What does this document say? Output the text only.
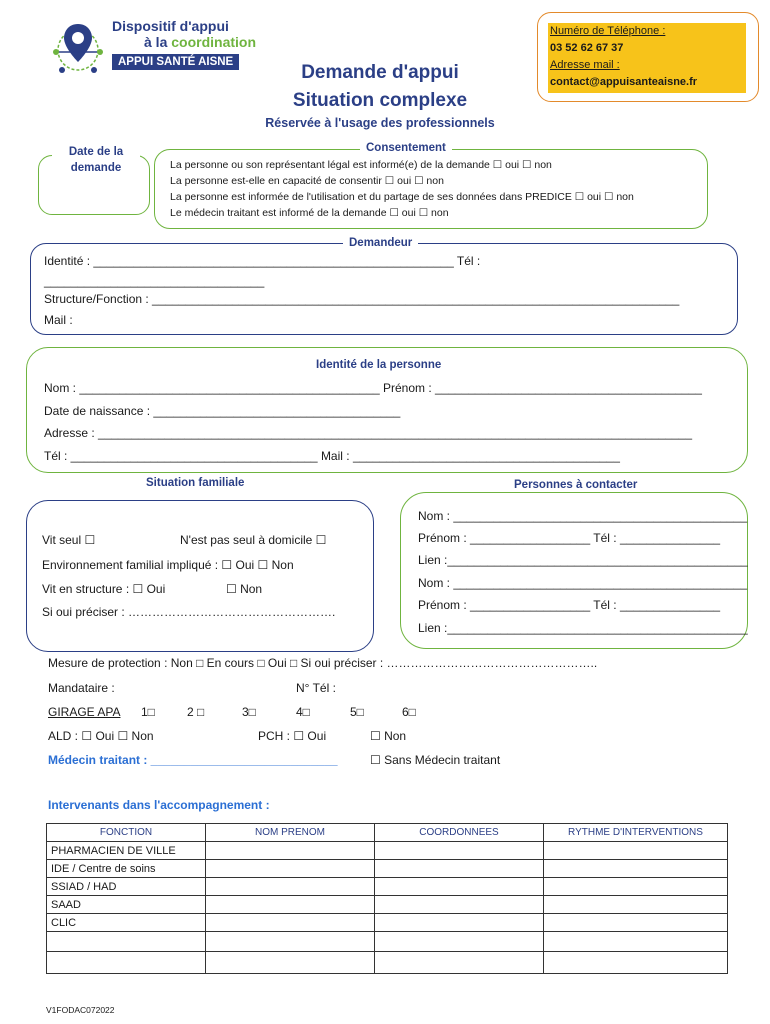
Dispositif d'appui
à la coordination
APPUI SANTÉ AISNE	Demande d'appui
Situation complexe
Réservée à l'usage des professionnels
Numéro de Téléphone :
03 52 62 67 37
Adresse mail :
contact@appuisanteaisne.fr
Date de la
demande
Consentement
La personne ou son représentant légal est informé(e) de la demande ☐ oui ☐ non
La personne est-elle en capacité de consentir ☐ oui ☐ non
La personne est informée de l'utilisation et du partage de ses données dans PREDICE ☐ oui ☐ non
Le médecin traitant est informé de la demande ☐ oui ☐ non
Demandeur
Identité : ______________________________________________________ Tél :
_________________________________
Structure/Fonction : _______________________________________________________________________________
Mail :
Identité de la personne
Nom : _____________________________________________ Prénom : ________________________________________
Date de naissance : _____________________________________
Adresse : _________________________________________________________________________________________
Tél : _____________________________________ Mail : ________________________________________
Situation familiale
Vit seul ☐	N'est pas seul à domicile ☐
Environnement familial impliqué : ☐ Oui ☐ Non
Vit en structure : ☐ Oui	☐ Non
Si oui préciser : …………………………………………….
Personnes à contacter
Nom : ____________________________________________
Prénom : __________________ Tél : _______________
Lien :_____________________________________________
Nom : ____________________________________________
Prénom : __________________ Tél : _______________
Lien :_____________________________________________
Mesure de protection : Non □ En cours □ Oui □ Si oui préciser : ……………………………………………..
Mandataire :	N° Tél :
GIRAGE APA 1□	2 □	3□	4□	5□	6□
ALD : ☐ Oui ☐ Non	PCH : ☐ Oui	☐ Non
Médecin traitant : ____________________________	☐ Sans Médecin traitant
Intervenants dans l'accompagnement :
FONCTION	NOM PRENOM	COORDONNEES	RYTHME D'INTERVENTIONS
PHARMACIEN DE VILLE			
IDE / Centre de soins			
SSIAD / HAD			
SAAD			
CLIC			

V1FODAC072022
